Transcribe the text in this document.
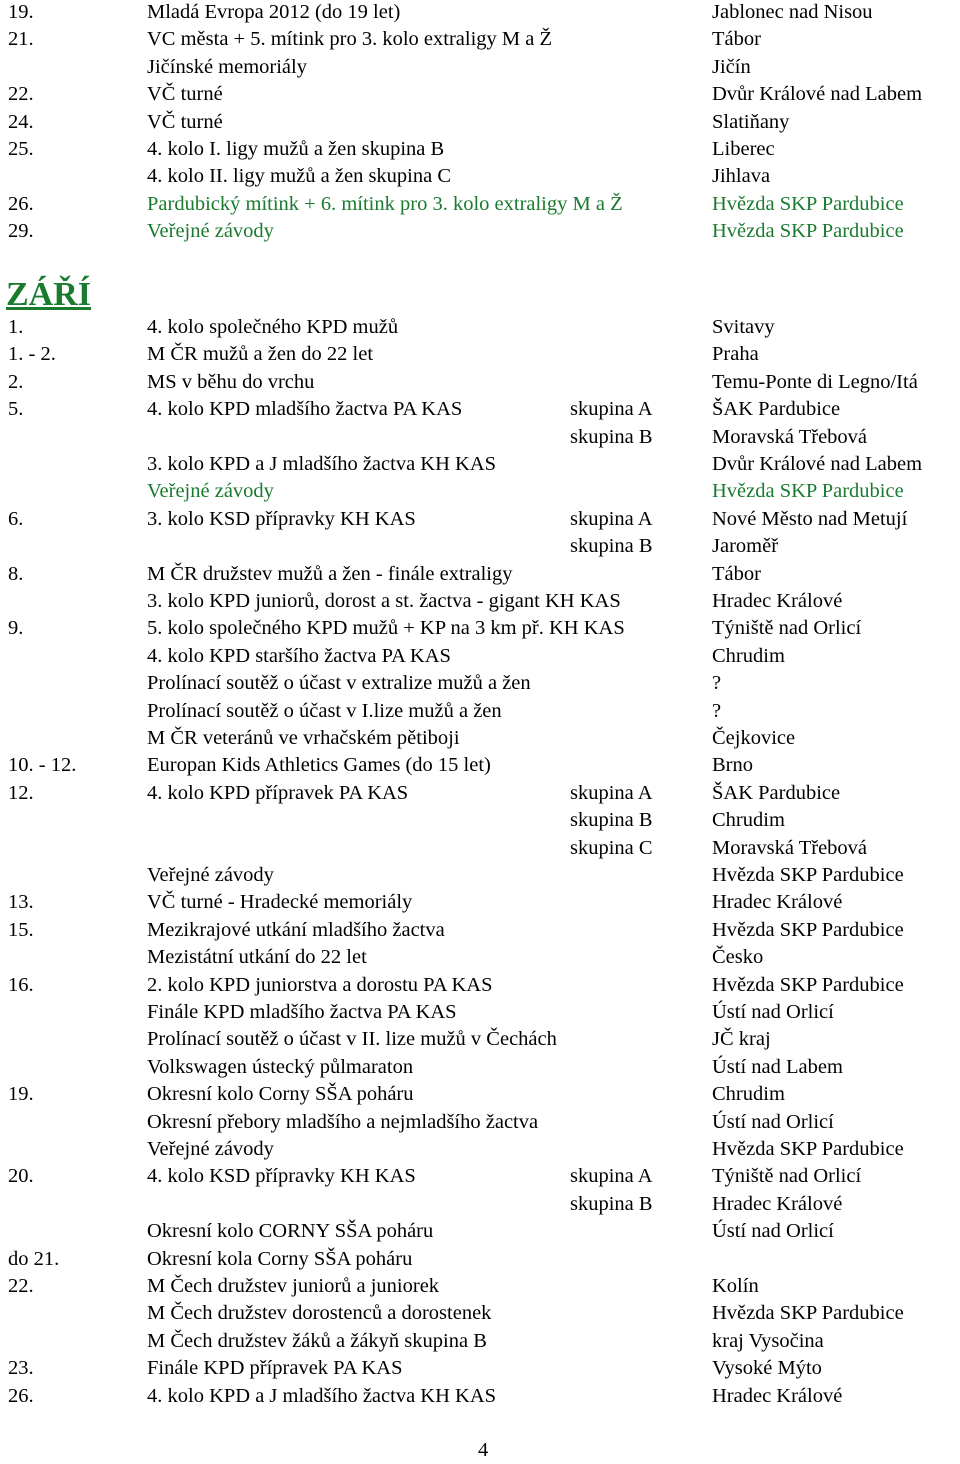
19.	Mladá Evropa 2012 (do 19 let)	Jablonec nad Nisou
21.	VC města + 5. mítink pro 3. kolo extraligy M a Ž	Tábor
Jičínské memoriály	Jičín
22.	VČ turné	Dvůr Králové nad Labem
24.	VČ turné	Slatiňany
25.	4. kolo I. ligy mužů a žen skupina B	Liberec
4. kolo II. ligy mužů a žen skupina C	Jihlava
26.	Pardubický mítink + 6. mítink pro 3. kolo extraligy M a Ž	Hvězda SKP Pardubice
29.	Veřejné závody	Hvězda SKP Pardubice
ZÁŘÍ
1.	4. kolo společného KPD mužů	Svitavy
1. - 2.	M ČR mužů a žen do 22 let	Praha
2.	MS v běhu do vrchu	Temu-Ponte di Legno/Itá
5.	4. kolo KPD mladšího žactva PA KAS	skupina A	ŠAK Pardubice
skupina B	Moravská Třebová
3. kolo KPD a J mladšího žactva KH KAS	Dvůr Králové nad Labem
Veřejné závody	Hvězda SKP Pardubice
6.	3. kolo KSD přípravky KH KAS	skupina A	Nové Město nad Metují
skupina B	Jaroměř
8.	M ČR družstev mužů a žen - finále extraligy	Tábor
3. kolo KPD juniorů, dorost a st. žactva - gigant KH KAS	Hradec Králové
9.	5. kolo společného KPD mužů + KP na 3 km př. KH KAS	Týniště nad Orlicí
4. kolo KPD staršího žactva PA KAS	Chrudim
Prolínací soutěž o účast v extralize mužů a žen	?
Prolínací soutěž o účast v I.lize mužů a žen	?
M ČR veteránů ve vrhačském pětiboji	Čejkovice
10. - 12.	Europan Kids Athletics Games (do 15 let)	Brno
12.	4. kolo KPD přípravek PA KAS	skupina A	ŠAK Pardubice
skupina B	Chrudim
skupina C	Moravská Třebová
Veřejné závody	Hvězda SKP Pardubice
13.	VČ turné - Hradecké memoriály	Hradec Králové
15.	Mezikrajové utkání mladšího žactva	Hvězda SKP Pardubice
Mezistátní utkání do 22 let	Česko
16.	2. kolo KPD juniorstva a dorostu PA KAS	Hvězda SKP Pardubice
Finále KPD mladšího žactva PA KAS	Ústí nad Orlicí
Prolínací soutěž o účast v II. lize mužů v Čechách	JČ kraj
Volkswagen ústecký půlmaraton	Ústí nad Labem
19.	Okresní kolo Corny SŠA poháru	Chrudim
Okresní přebory mladšího a nejmladšího žactva	Ústí nad Orlicí
Veřejné závody	Hvězda SKP Pardubice
20.	4. kolo KSD přípravky KH KAS	skupina A	Týniště nad Orlicí
skupina B	Hradec Králové
Okresní kolo CORNY SŠA poháru	Ústí nad Orlicí
do 21.	Okresní kola Corny SŠA poháru
22.	M Čech družstev juniorů a juniorek	Kolín
M Čech družstev dorostenců a dorostenek	Hvězda SKP Pardubice
M Čech družstev žáků a žákyň skupina B	kraj Vysočina
23.	Finále KPD přípravek PA KAS	Vysoké Mýto
26.	4. kolo KPD a J mladšího žactva KH KAS	Hradec Králové
4
